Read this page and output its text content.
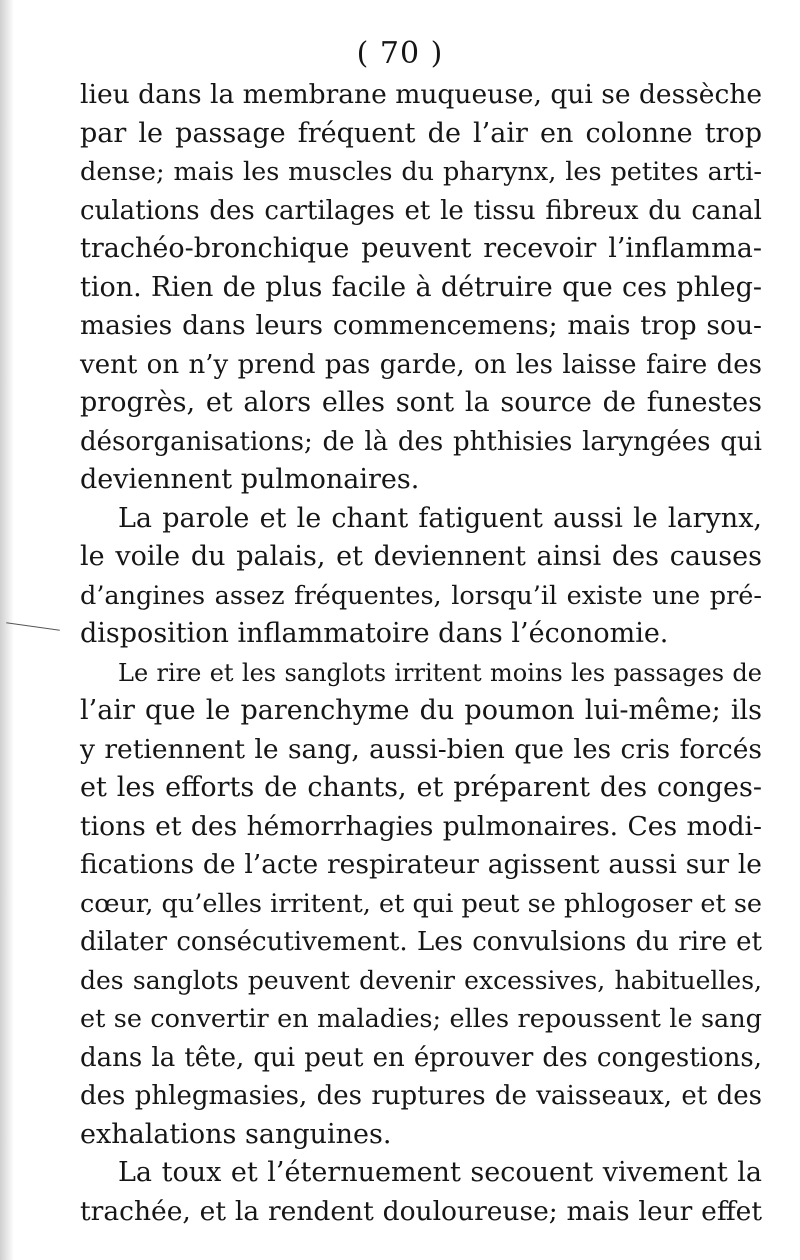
( 70 )
lieu dans la membrane muqueuse, qui se dessèche
par le passage fréquent de l’air en colonne trop
dense; mais les muscles du pharynx, les petites arti-
culations des cartilages et le tissu fibreux du canal
trachéo-bronchique peuvent recevoir l’inflamma-
tion. Rien de plus facile à détruire que ces phleg-
masies dans leurs commencemens; mais trop sou-
vent on n’y prend pas garde, on les laisse faire des
progrès, et alors elles sont la source de funestes
désorganisations; de là des phthisies laryngées qui
deviennent pulmonaires.
La parole et le chant fatiguent aussi le larynx,
le voile du palais, et deviennent ainsi des causes
d’angines assez fréquentes, lorsqu’il existe une pré-
disposition inflammatoire dans l’économie.
Le rire et les sanglots irritent moins les passages de
l’air que le parenchyme du poumon lui-même; ils
y retiennent le sang, aussi-bien que les cris forcés
et les efforts de chants, et préparent des conges-
tions et des hémorrhagies pulmonaires. Ces modi-
fications de l’acte respirateur agissent aussi sur le
cœur, qu’elles irritent, et qui peut se phlogoser et se
dilater consécutivement. Les convulsions du rire et
des sanglots peuvent devenir excessives, habituelles,
et se convertir en maladies; elles repoussent le sang
dans la tête, qui peut en éprouver des congestions,
des phlegmasies, des ruptures de vaisseaux, et des
exhalations sanguines.
La toux et l’éternuement secouent vivement la
trachée, et la rendent douloureuse; mais leur effet
